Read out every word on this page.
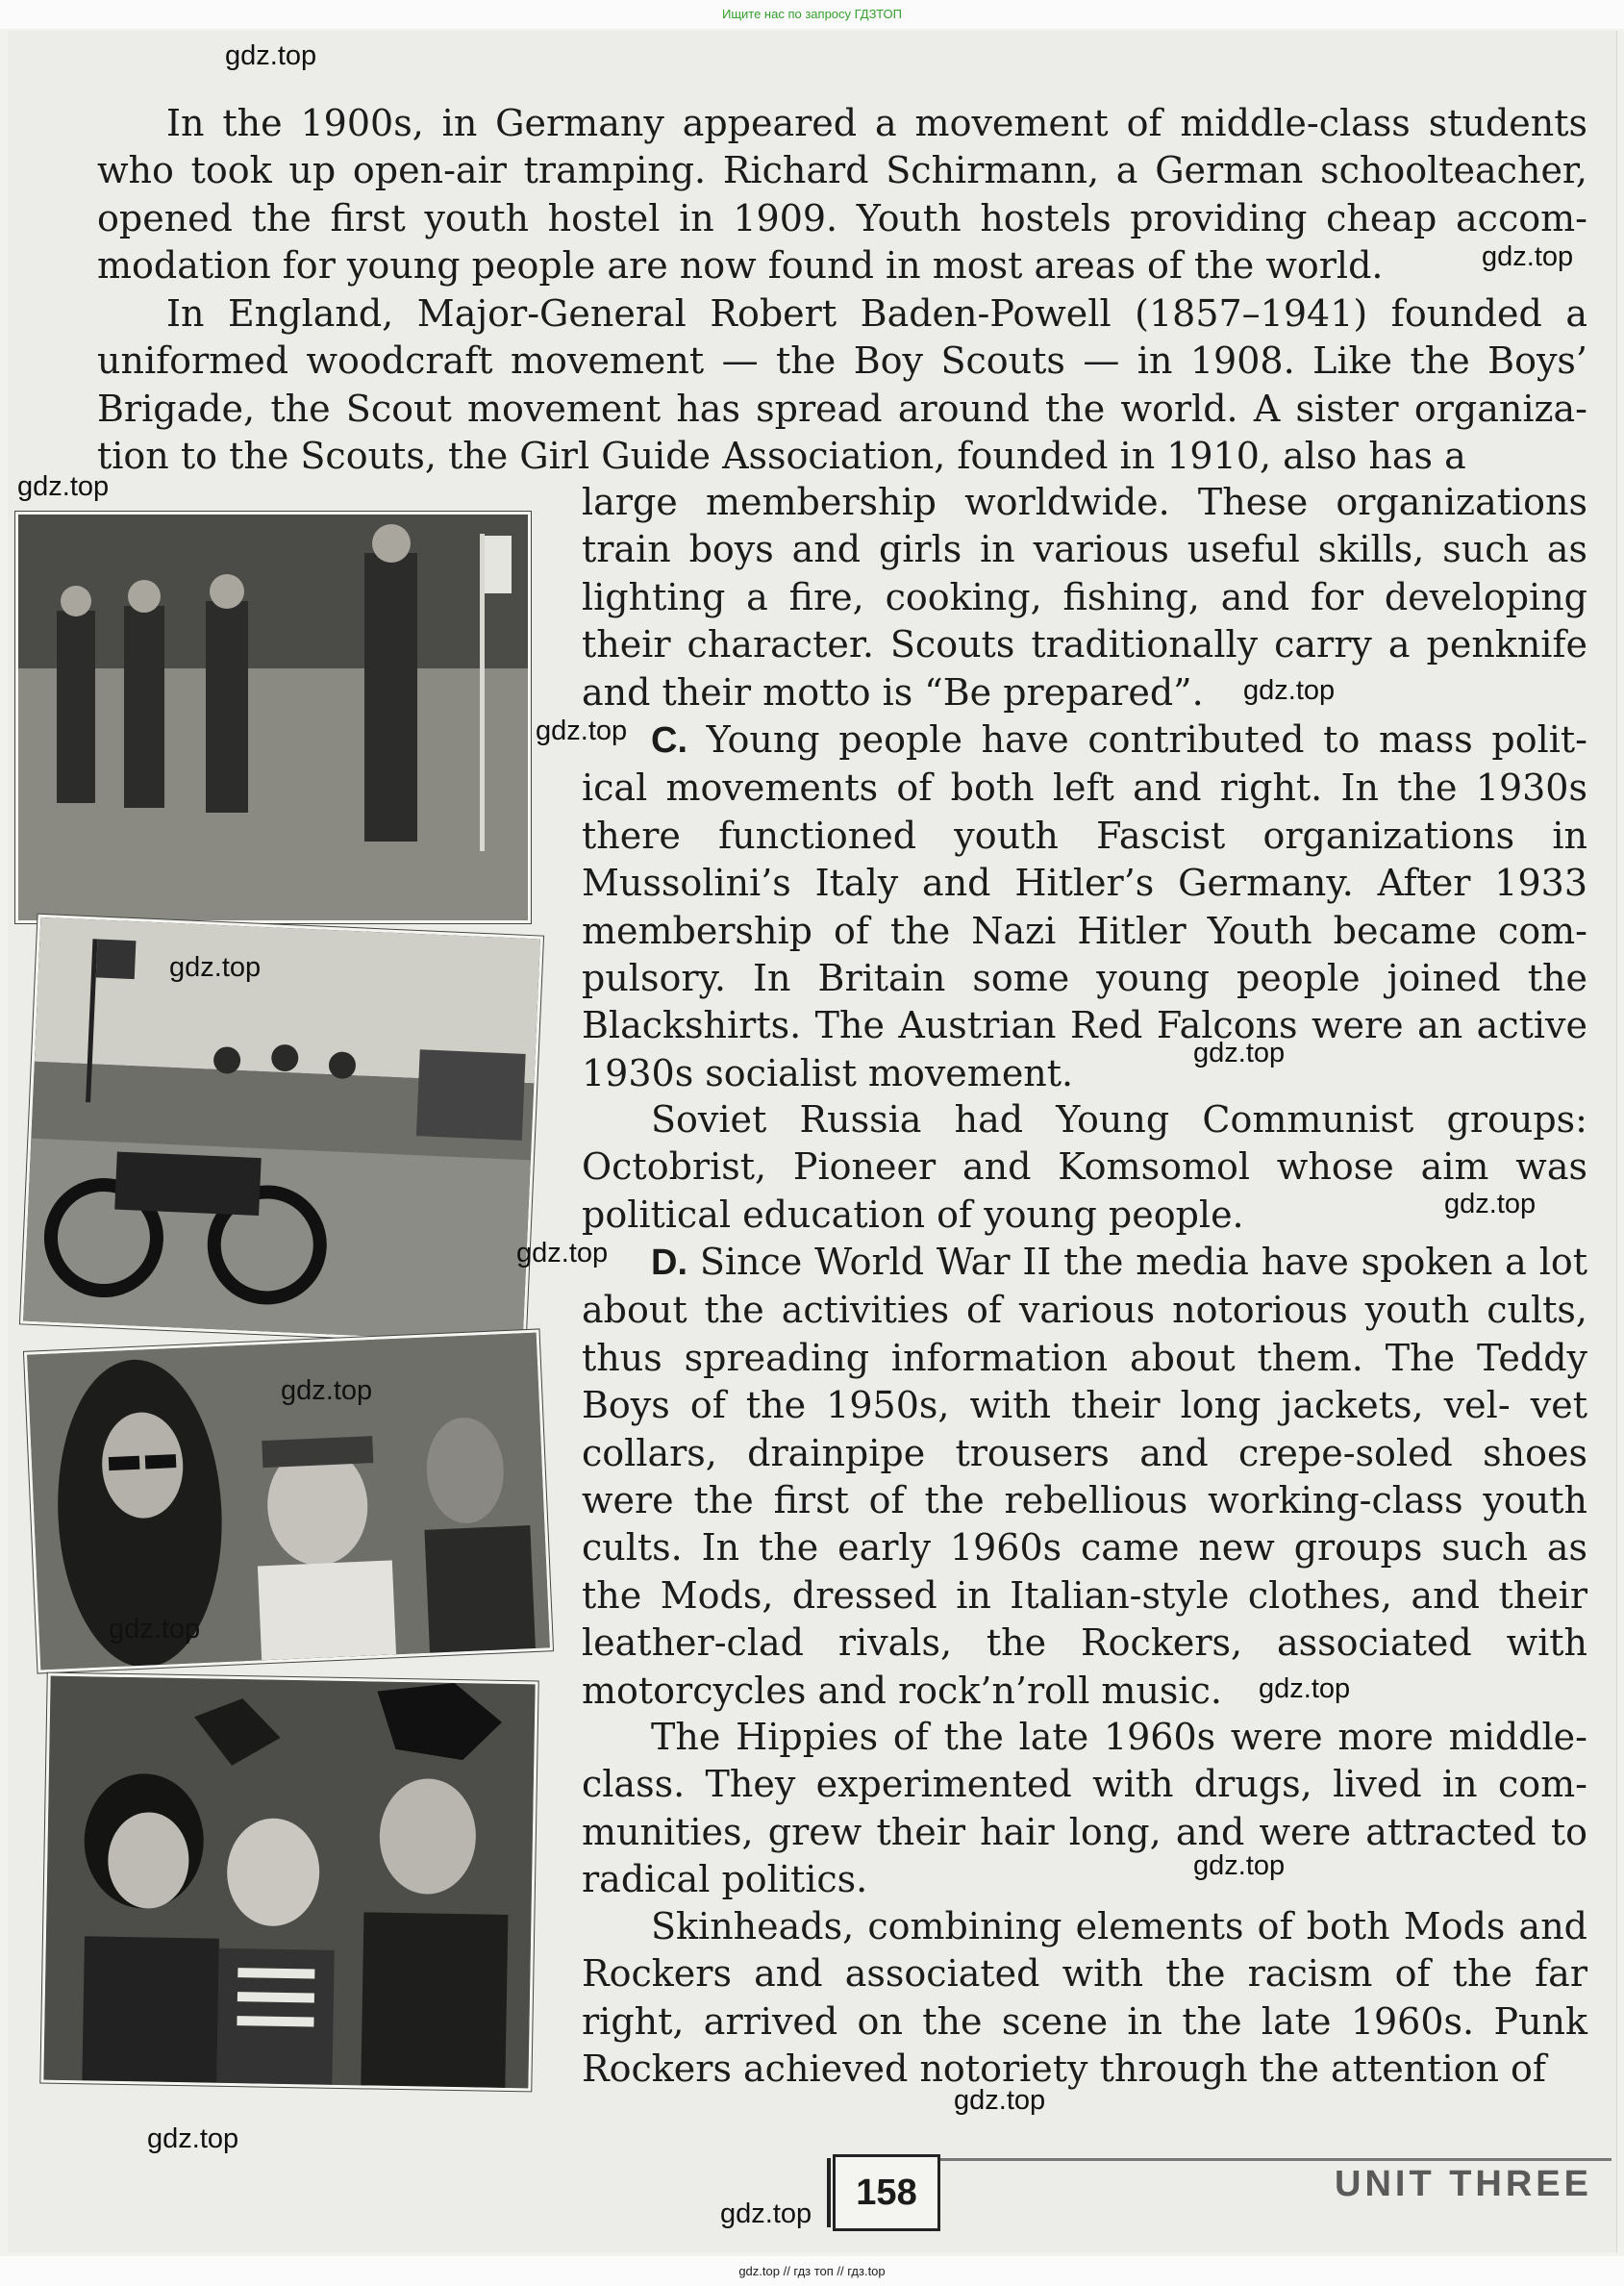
Ищите нас по запросу ГДЗТОП
In the 1900s, in Germany appeared a movement of middle-class students who took up open-air tramping. Richard Schirmann, a German schoolteacher, opened the first youth hostel in 1909. Youth hostels providing cheap accom- modation for young people are now found in most areas of the world.
In England, Major-General Robert Baden-Powell (1857–1941) founded a uniformed woodcraft movement — the Boy Scouts — in 1908. Like the Boys’ Brigade, the Scout movement has spread around the world. A sister organiza- tion to the Scouts, the Girl Guide Association, founded in 1910, also has a
large membership worldwide. These organizations train boys and girls in various useful skills, such as lighting a fire, cooking, fishing, and for developing their character. Scouts traditionally carry a penknife and their motto is “Be prepared”.
C. Young people have contributed to mass polit- ical movements of both left and right. In the 1930s there functioned youth Fascist organizations in Mussolini’s Italy and Hitler’s Germany. After 1933 membership of the Nazi Hitler Youth became com- pulsory. In Britain some young people joined the Blackshirts. The Austrian Red Falcons were an active 1930s socialist movement.
Soviet Russia had Young Communist groups: Octobrist, Pioneer and Komsomol whose aim was political education of young people.
D. Since World War II the media have spoken a lot about the activities of various notorious youth cults, thus spreading information about them. The Teddy Boys of the 1950s, with their long jackets, vel- vet collars, drainpipe trousers and crepe-soled shoes were the first of the rebellious working-class youth cults. In the early 1960s came new groups such as the Mods, dressed in Italian-style clothes, and their leather-clad rivals, the Rockers, associated with motorcycles and rock’n’roll music.
The Hippies of the late 1960s were more middle- class. They experimented with drugs, lived in com- munities, grew their hair long, and were attracted to radical politics.
Skinheads, combining elements of both Mods and Rockers and associated with the racism of the far right, arrived on the scene in the late 1960s. Punk Rockers achieved notoriety through the attention of
gdz.top
gdz.top
gdz.top
gdz.top
gdz.top
gdz.top
gdz.top
gdz.top
gdz.top
gdz.top
gdz.top
gdz.top
gdz.top
gdz.top
gdz.top
gdz.top
158	UNIT THREE
gdz.top // гдз топ // гдз.top
